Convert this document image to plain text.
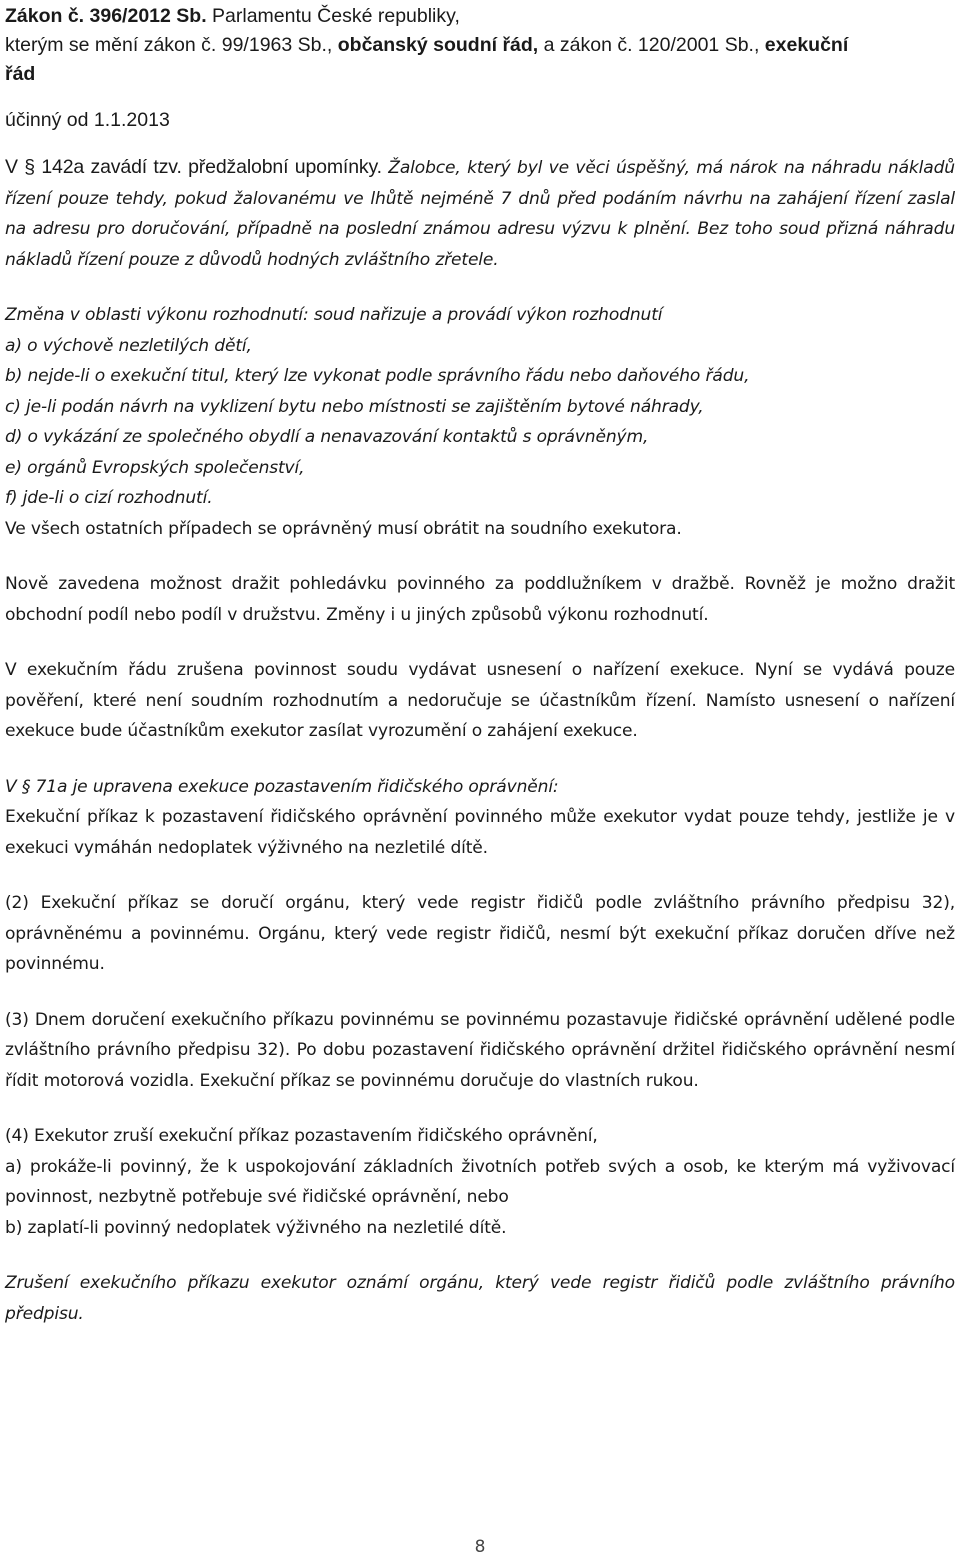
Zákon č. 396/2012 Sb. Parlamentu České republiky,
kterým se mění zákon č. 99/1963 Sb., občanský soudní řád, a zákon č. 120/2001 Sb., exekuční
řád

účinný od 1.1.2013

V § 142a zavádí tzv. předžalobní upomínky. Žalobce, který byl ve věci úspěšný, má nárok na náhradu nákladů řízení pouze tehdy, pokud žalovanému ve lhůtě nejméně 7 dnů před podáním návrhu na zahájení řízení zaslal na adresu pro doručování, případně na poslední známou adresu výzvu k plnění. Bez toho soud přizná náhradu nákladů řízení pouze z důvodů hodných zvláštního zřetele.

Změna v oblasti výkonu rozhodnutí: soud nařizuje a provádí výkon rozhodnutí
a) o výchově nezletilých dětí,
b) nejde-li o exekuční titul, který lze vykonat podle správního řádu nebo daňového řádu,
c) je-li podán návrh na vyklizení bytu nebo místnosti se zajištěním bytové náhrady,
d) o vykázání ze společného obydlí a nenavazování kontaktů s oprávněným,
e) orgánů Evropských společenství,
f) jde-li o cizí rozhodnutí.
Ve všech ostatních případech se oprávněný musí obrátit na soudního exekutora.

Nově zavedena možnost dražit pohledávku povinného za poddlužníkem v dražbě. Rovněž je možno dražit obchodní podíl nebo podíl v družstvu. Změny i u jiných způsobů výkonu rozhodnutí.

V exekučním řádu zrušena povinnost soudu vydávat usnesení o nařízení exekuce. Nyní se vydává pouze pověření, které není soudním rozhodnutím a nedoručuje se účastníkům řízení. Namísto usnesení o nařízení exekuce bude účastníkům exekutor zasílat vyrozumění o zahájení exekuce.

V § 71a je upravena exekuce pozastavením řidičského oprávnění:
Exekuční příkaz k pozastavení řidičského oprávnění povinného může exekutor vydat pouze tehdy, jestliže je v exekuci vymáhán nedoplatek výživného na nezletilé dítě.

(2) Exekuční příkaz se doručí orgánu, který vede registr řidičů podle zvláštního právního předpisu 32), oprávněnému a povinnému. Orgánu, který vede registr řidičů, nesmí být exekuční příkaz doručen dříve než povinnému.

(3) Dnem doručení exekučního příkazu povinnému se povinnému pozastavuje řidičské oprávnění udělené podle zvláštního právního předpisu 32). Po dobu pozastavení řidičského oprávnění držitel řidičského oprávnění nesmí řídit motorová vozidla. Exekuční příkaz se povinnému doručuje do vlastních rukou.

(4) Exekutor zruší exekuční příkaz pozastavením řidičského oprávnění,
a) prokáže-li povinný, že k uspokojování základních životních potřeb svých a osob, ke kterým má vyživovací povinnost, nezbytně potřebuje své řidičské oprávnění, nebo
b) zaplatí-li povinný nedoplatek výživného na nezletilé dítě.

Zrušení exekučního příkazu exekutor oznámí orgánu, který vede registr řidičů podle zvláštního právního předpisu.

8
